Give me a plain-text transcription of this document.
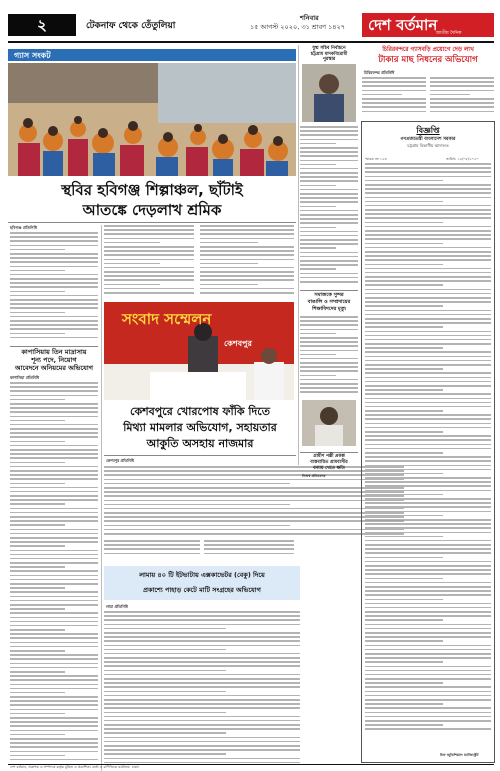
২	টেকনাফ থেকে তেঁতুলিয়া
শনিবার
১৫ আগস্ট ২০২০, ৩১ শ্রাবণ ১৪২৭ দেশ বর্তমান
জাতীয় দৈনিক
গ্যাস সংকট
স্থবির হবিগঞ্জ শিল্পাঞ্চল, ছাঁটাই
আতঙ্কে দেড়লাখ শ্রমিক
হবিগঞ্জ প্রতিনিধি
কাপাসিয়ায় তিন মাদ্রাসায়
শূন্য পদে, নিয়োগ
আবেদনে অনিয়মের অভিযোগ
কাপাসিয়া প্রতিনিধি
সংবাদ সম্মেলন
কেশবপুর
কেশবপুরে খোরপোষ ফাঁকি দিতে
মিথ্যা মামলার অভিযোগ, সহায়তার
আকুতি অসহায় নাজমার
কেশবপুর প্রতিনিধি
লামায় ৪০ টি ইটভাটায় এক্সকাভেটর (বেকু) দিয়ে
প্রকাশ্যে পাহাড় কেটে মাটি সংগ্রহের অভিযোগ
লামা প্রতিনিধি
যুগ্ম সচিব নির্বাচনে
চট্টগ্রাম মাদকবিরোধী
পুরস্কার
সমাজকে সুন্দর
বাঙালি ও সম্প্রদায়ের
শিক্ষাবিদদের মৃত্যু
গ্রামীণ পল্লী প্রকল্প
বাস্তবায়িত গ্রামবাসীর
বন্যায় খেতে ক্ষতি
নিজস্ব প্রতিবেদক
চিরিরবন্দরে গ্যাসবড়ি প্রয়োগে দেড় লাখ
টাকার মাছ নিধনের অভিযোগ
চিরিরবন্দর প্রতিনিধি
বিজ্ঞপ্তি
গণপ্রজাতন্ত্রী বাংলাদেশ সরকার
চট্টগ্রাম বিভাগীয় আদালত
স্মারক নং ১২৩	তারিখ: ১৫/০৮/২০২০
চিফ জুডিশিয়াল ম্যাজিস্ট্রেট
দেশ বর্তমান, প্রকাশক ও সম্পাদক কর্তৃক মুদ্রিত ও প্রকাশিত। বার্তা ও বাণিজ্যিক কার্যালয়: ঢাকা।
